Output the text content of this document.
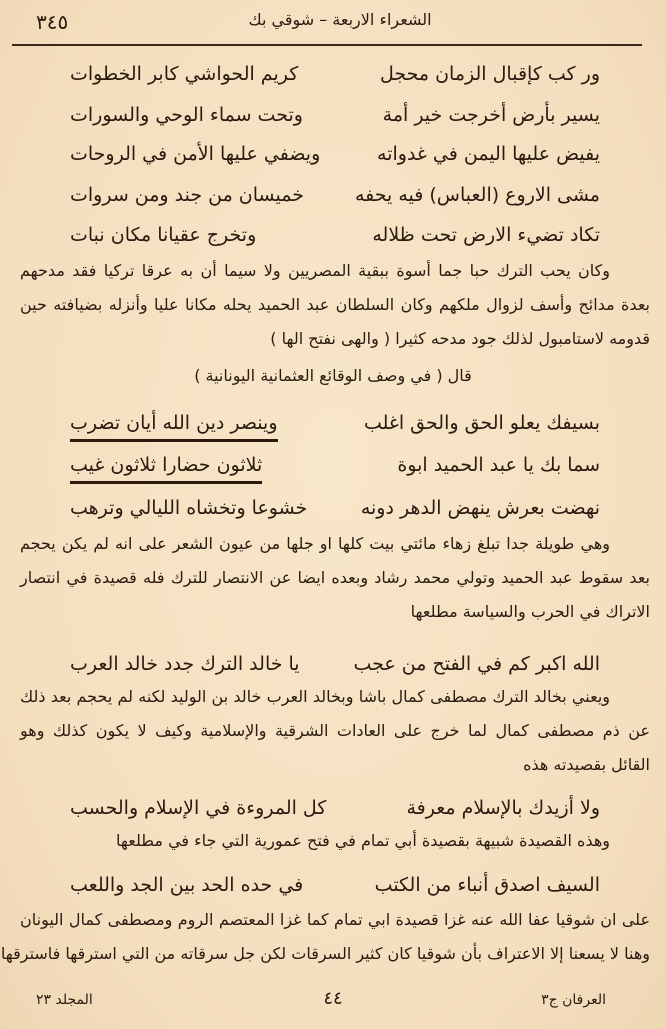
٣٤٥	الشعراء الاربعة – شوقي بك
ور كب كإقبال الزمان محجل
كريم الحواشي كابر الخطوات
يسير بأرض أخرجت خير أمة
وتحت سماء الوحي والسورات
يفيض عليها اليمن في غدواته
ويضفي عليها الأمن في الروحات
مشى الاروع (العباس) فيه يحفه
خميسان من جند ومن سروات
تكاد تضيء الارض تحت ظلاله
وتخرج عقيانا مكان نبات
وكان يحب الترك حبا جما أسوة ببقية المصريين ولا سيما أن به عرقا تركيا فقد مدحهم
بعدة مدائح وأسف لزوال ملكهم وكان السلطان عبد الحميد يحله مكانا عليا وأنزله بضيافته حين
قدومه لاستامبول لذلك جود مدحه كثيرا ( والهى نفتح الها )
قال ( في وصف الوقائع العثمانية اليونانية )
بسيفك يعلو الحق والحق اغلب
وينصر دين الله أيان تضرب
سما بك يا عبد الحميد ابوة
ثلاثون حضارا ثلاثون غيب
نهضت بعرش ينهض الدهر دونه
خشوعا وتخشاه الليالي وترهب
وهي طويلة جدا تبلغ زهاء مائتي بيت كلها او جلها من عيون الشعر على انه لم يكن يحجم
بعد سقوط عبد الحميد وتولي محمد رشاد وبعده ايضا عن الانتصار للترك فله قصيدة في انتصار
الاتراك في الحرب والسياسة مطلعها
الله اكبر كم في الفتح من عجب
يا خالد الترك جدد خالد العرب
ويعني بخالد الترك مصطفى كمال باشا وبخالد العرب خالد بن الوليد لكنه لم يحجم بعد ذلك
عن ذم مصطفى كمال لما خرج على العادات الشرقية والإسلامية وكيف لا يكون كذلك وهو
القائل بقصيدته هذه
ولا أزيدك بالإسلام معرفة
كل المروءة في الإسلام والحسب
وهذه القصيدة شبيهة بقصيدة أبي تمام في فتح عمورية التي جاء في مطلعها
السيف اصدق أنباء من الكتب
في حده الحد بين الجد واللعب
على ان شوقيا عفا الله عنه غزا قصيدة ابي تمام كما غزا المعتصم الروم ومصطفى كمال اليونان
وهنا لا يسعنا إلا الاعتراف بأن شوقيا كان كثير السرقات لكن جل سرقاته من التي استرقها فاسترقها
العرفان ج٣
٤٤
المجلد ٢٣
